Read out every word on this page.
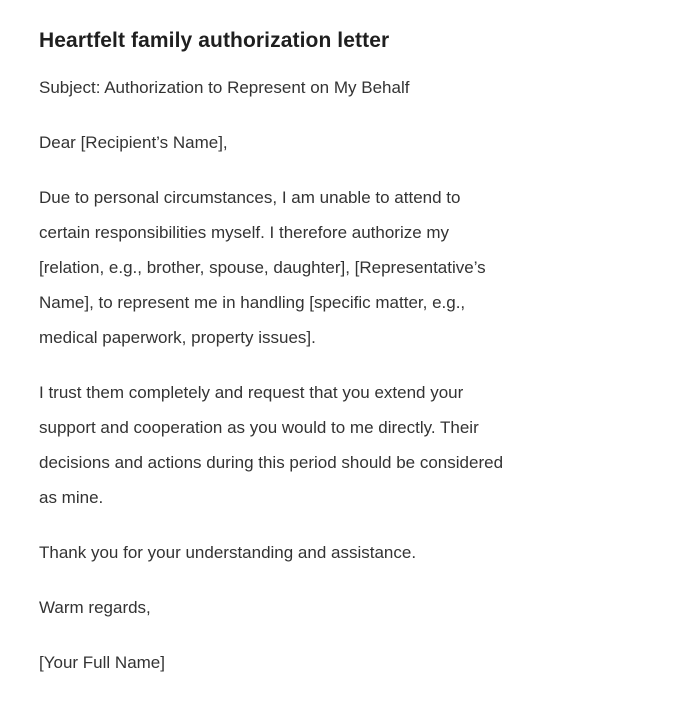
Heartfelt family authorization letter

Subject: Authorization to Represent on My Behalf

Dear [Recipient’s Name],

Due to personal circumstances, I am unable to attend to
certain responsibilities myself. I therefore authorize my
[relation, e.g., brother, spouse, daughter], [Representative’s
Name], to represent me in handling [specific matter, e.g.,
medical paperwork, property issues].

I trust them completely and request that you extend your
support and cooperation as you would to me directly. Their
decisions and actions during this period should be considered
as mine.

Thank you for your understanding and assistance.

Warm regards,

[Your Full Name]
